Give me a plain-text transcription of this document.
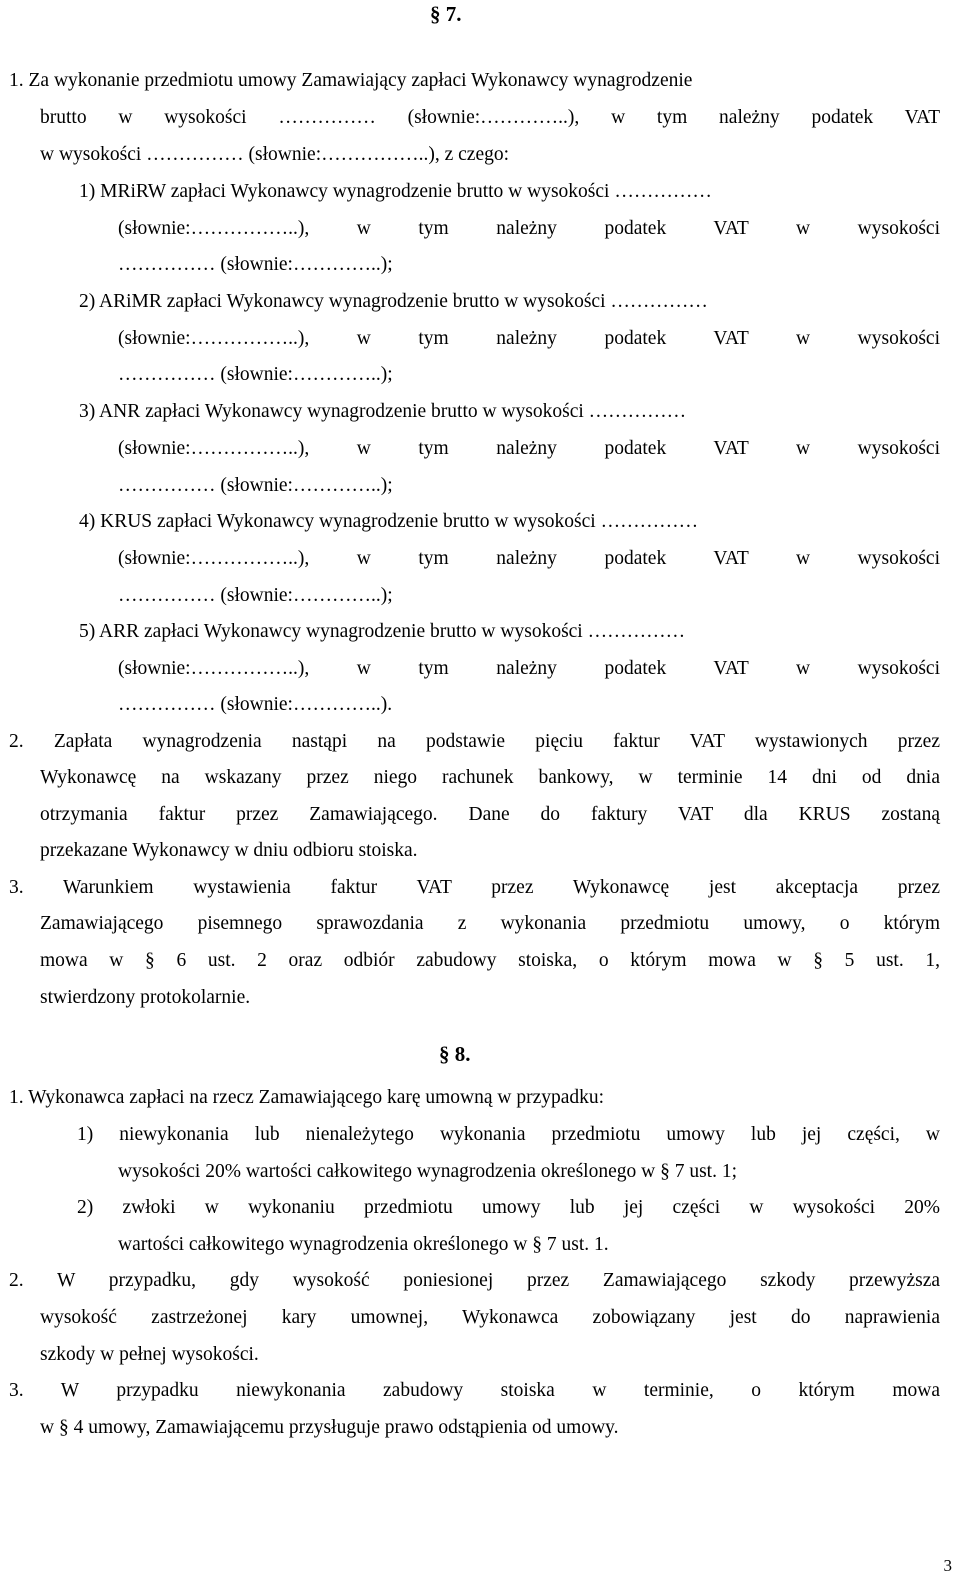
§ 7.
1. Za wykonanie przedmiotu umowy Zamawiający zapłaci Wykonawcy wynagrodzenie
brutto w wysokości …………… (słownie:…………..), w tym należny podatek VAT
w wysokości …………… (słownie:……………..), z czego:
1) MRiRW zapłaci Wykonawcy wynagrodzenie brutto w wysokości ……………
(słownie:……………..), w tym należny podatek VAT w wysokości
…………… (słownie:…………..);
2) ARiMR zapłaci Wykonawcy wynagrodzenie brutto w wysokości ……………
(słownie:……………..), w tym należny podatek VAT w wysokości
…………… (słownie:…………..);
3) ANR zapłaci Wykonawcy wynagrodzenie brutto w wysokości ……………
(słownie:……………..), w tym należny podatek VAT w wysokości
…………… (słownie:…………..);
4) KRUS zapłaci Wykonawcy wynagrodzenie brutto w wysokości ……………
(słownie:……………..), w tym należny podatek VAT w wysokości
…………… (słownie:…………..);
5) ARR zapłaci Wykonawcy wynagrodzenie brutto w wysokości ……………
(słownie:……………..), w tym należny podatek VAT w wysokości
…………… (słownie:…………..).
2. Zapłata wynagrodzenia nastąpi na podstawie pięciu faktur VAT wystawionych przez
Wykonawcę na wskazany przez niego rachunek bankowy, w terminie 14 dni od dnia
otrzymania faktur przez Zamawiającego. Dane do faktury VAT dla KRUS zostaną
przekazane Wykonawcy w dniu odbioru stoiska.
3. Warunkiem wystawienia faktur VAT przez Wykonawcę jest akceptacja przez
Zamawiającego pisemnego sprawozdania z wykonania przedmiotu umowy, o którym
mowa w § 6 ust. 2 oraz odbiór zabudowy stoiska, o którym mowa w § 5 ust. 1,
stwierdzony protokolarnie.
§ 8.
1. Wykonawca zapłaci na rzecz Zamawiającego karę umowną w przypadku:
1) niewykonania lub nienależytego wykonania przedmiotu umowy lub jej części, w
wysokości 20% wartości całkowitego wynagrodzenia określonego w § 7 ust. 1;
2) zwłoki w wykonaniu przedmiotu umowy lub jej części w wysokości 20%
wartości całkowitego wynagrodzenia określonego w § 7 ust. 1.
2. W przypadku, gdy wysokość poniesionej przez Zamawiającego szkody przewyższa
wysokość zastrzeżonej kary umownej, Wykonawca zobowiązany jest do naprawienia
szkody w pełnej wysokości.
3. W przypadku niewykonania zabudowy stoiska w terminie, o którym mowa
w § 4 umowy, Zamawiającemu przysługuje prawo odstąpienia od umowy.
3
